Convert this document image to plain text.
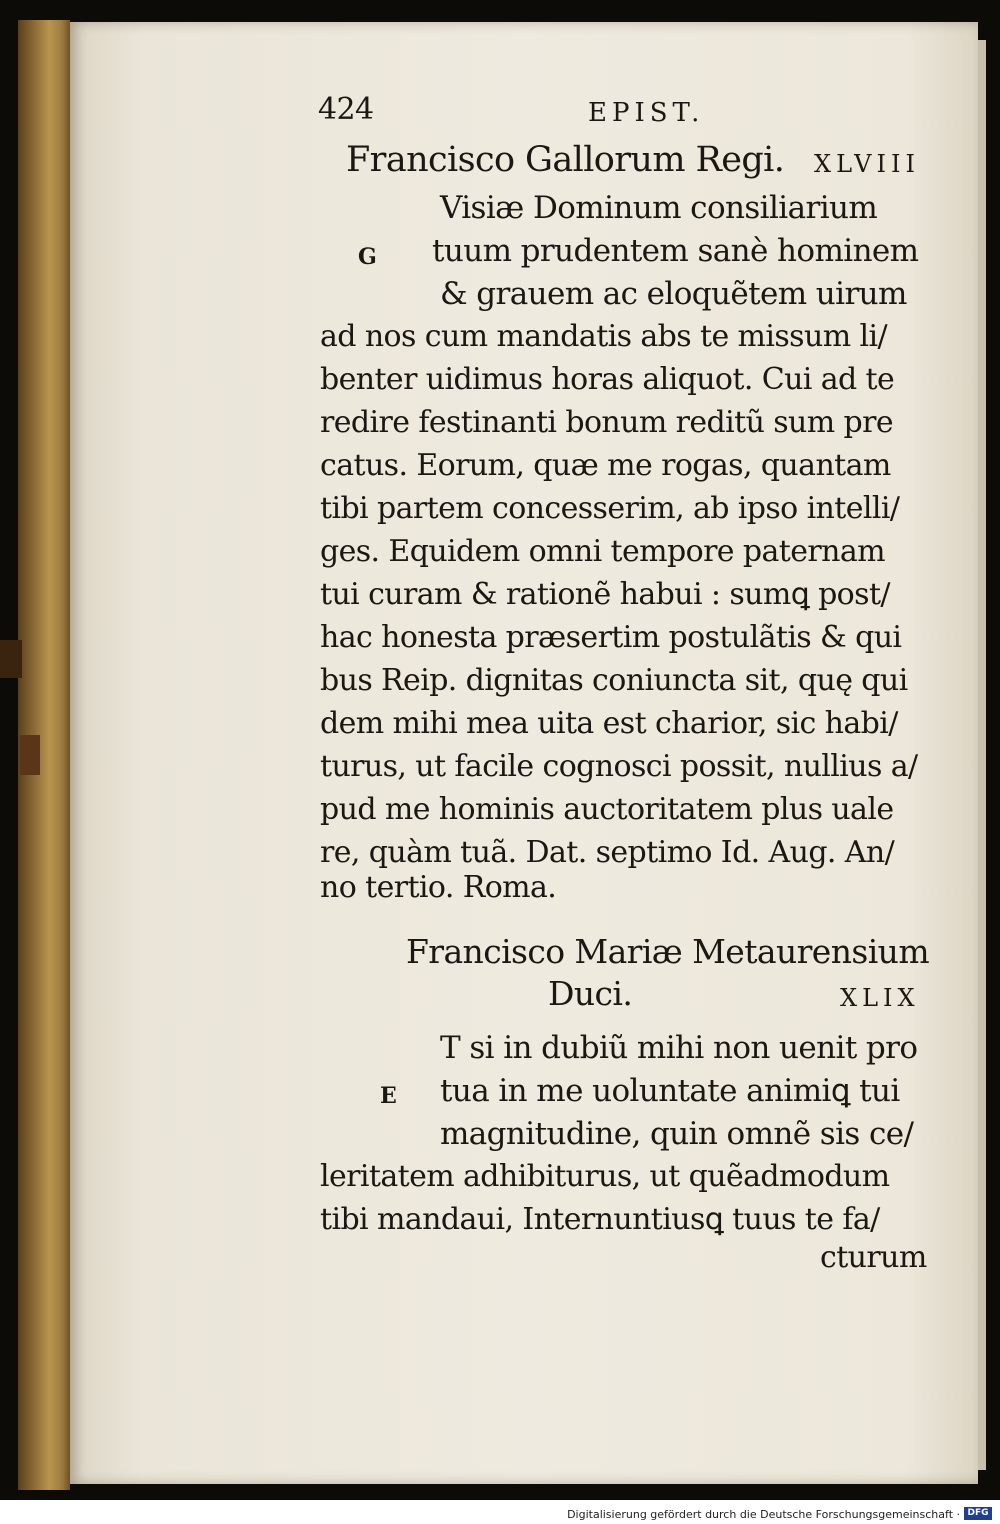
424	EPIST.
Francisco Gallorum Regi. XLVIII
G
Visiæ Dominum consiliarium
tuum prudentem sanè hominem
& grauem ac eloquẽtem uirum
ad nos cum mandatis abs te missum li/
benter uidimus horas aliquot. Cui ad te
redire festinanti bonum reditũ sum pre
catus. Eorum, quæ me rogas, quantam
tibi partem concesserim, ab ipso intelli/
ges. Equidem omni tempore paternam
tui curam & rationẽ habui : sumꝗ post/
hac honesta præsertim postulãtis & qui
bus Reip. dignitas coniuncta sit, quę qui
dem mihi mea uita est charior, sic habi/
turus, ut facile cognosci possit, nullius a/
pud me hominis auctoritatem plus uale
re, quàm tuã. Dat. septimo Id. Aug. An/
no tertio. Roma.
Francisco Mariæ Metaurensium
Duci.	XLIX
E
T si in dubiũ mihi non uenit pro
tua in me uoluntate animiꝗ tui
magnitudine, quin omnẽ sis ce/
leritatem adhibiturus, ut quẽadmodum
tibi mandaui, Internuntiusꝗ tuus te fa/
cturum
Digitalisierung gefördert durch die Deutsche Forschungsgemeinschaft · DFG
